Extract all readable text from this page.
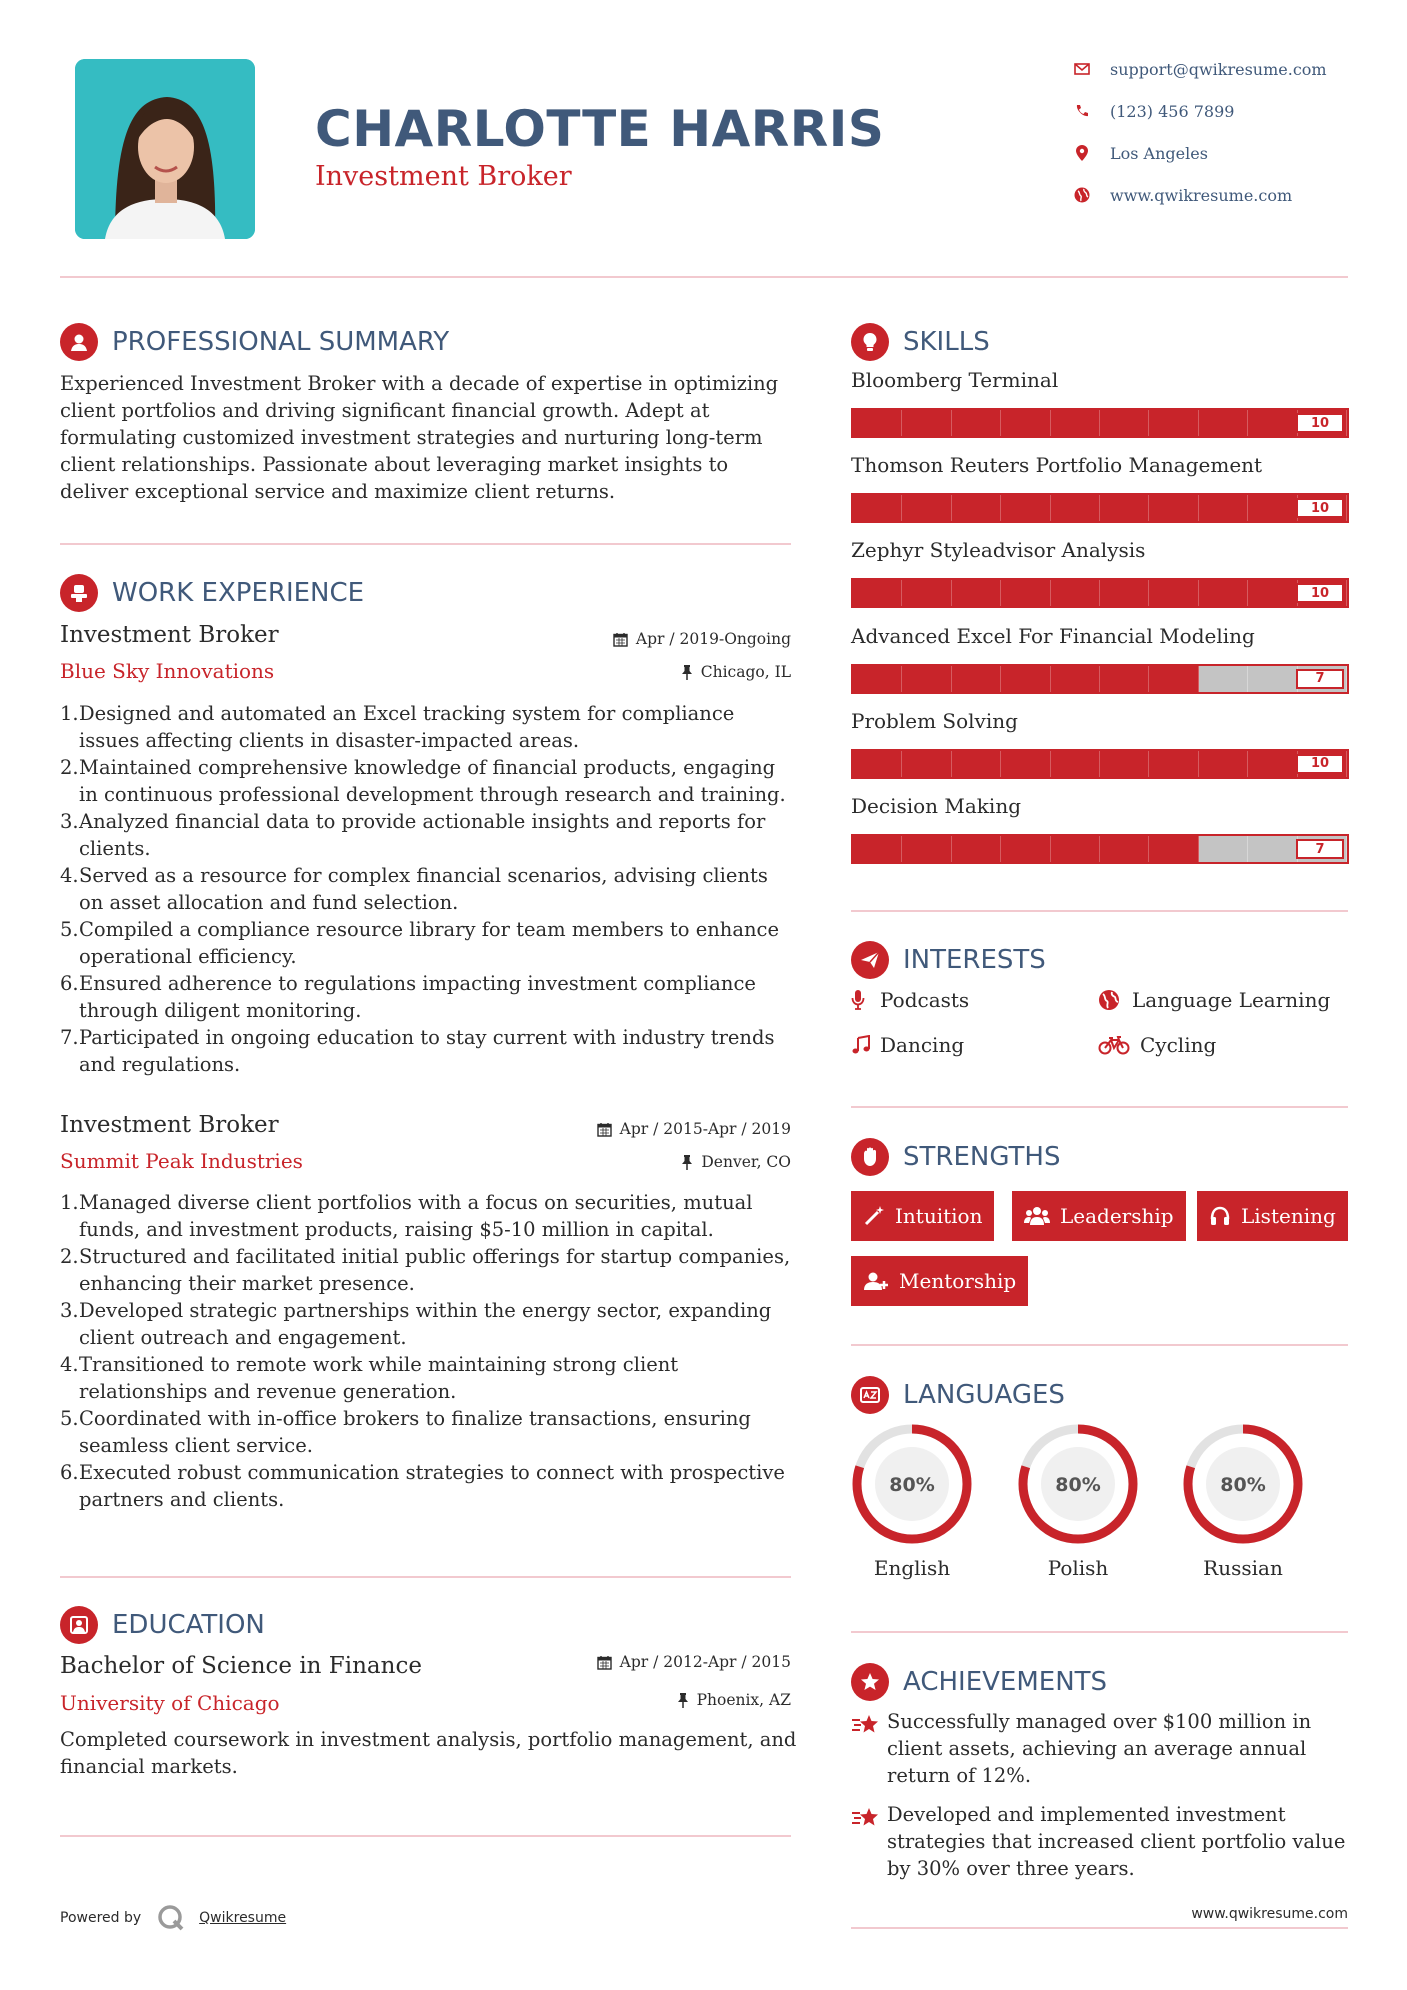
CHARLOTTE HARRIS
Investment Broker
support@qwikresume.com
(123) 456 7899
Los Angeles
www.qwikresume.com
PROFESSIONAL SUMMARY
Experienced Investment Broker with a decade of expertise in optimizing client portfolios and driving significant financial growth. Adept at formulating customized investment strategies and nurturing long-term client relationships. Passionate about leveraging market insights to deliver exceptional service and maximize client returns.
WORK EXPERIENCE
Investment Broker	Apr / 2019-Ongoing
Blue Sky Innovations	Chicago, IL
1. Designed and automated an Excel tracking system for compliance issues affecting clients in disaster-impacted areas.
2. Maintained comprehensive knowledge of financial products, engaging in continuous professional development through research and training.
3. Analyzed financial data to provide actionable insights and reports for clients.
4. Served as a resource for complex financial scenarios, advising clients on asset allocation and fund selection.
5. Compiled a compliance resource library for team members to enhance operational efficiency.
6. Ensured adherence to regulations impacting investment compliance through diligent monitoring.
7. Participated in ongoing education to stay current with industry trends and regulations.
Investment Broker	Apr / 2015-Apr / 2019
Summit Peak Industries	Denver, CO
1. Managed diverse client portfolios with a focus on securities, mutual funds, and investment products, raising $5-10 million in capital.
2. Structured and facilitated initial public offerings for startup companies, enhancing their market presence.
3. Developed strategic partnerships within the energy sector, expanding client outreach and engagement.
4. Transitioned to remote work while maintaining strong client relationships and revenue generation.
5. Coordinated with in-office brokers to finalize transactions, ensuring seamless client service.
6. Executed robust communication strategies to connect with prospective partners and clients.
EDUCATION
Bachelor of Science in Finance	Apr / 2012-Apr / 2015
University of Chicago	Phoenix, AZ
Completed coursework in investment analysis, portfolio management, and financial markets.
Powered by	Qwikresume
SKILLS
Bloomberg Terminal
10
Thomson Reuters Portfolio Management
10
Zephyr Styleadvisor Analysis
10
Advanced Excel For Financial Modeling
7
Problem Solving
10
Decision Making
7
INTERESTS
Podcasts	Language Learning
Dancing	Cycling
STRENGTHS
Intuition	Leadership	Listening
Mentorship
LANGUAGES
80%
English
80%
Polish
80%
Russian
ACHIEVEMENTS
Successfully managed over $100 million in client assets, achieving an average annual return of 12%.
Developed and implemented investment strategies that increased client portfolio value by 30% over three years.
www.qwikresume.com
